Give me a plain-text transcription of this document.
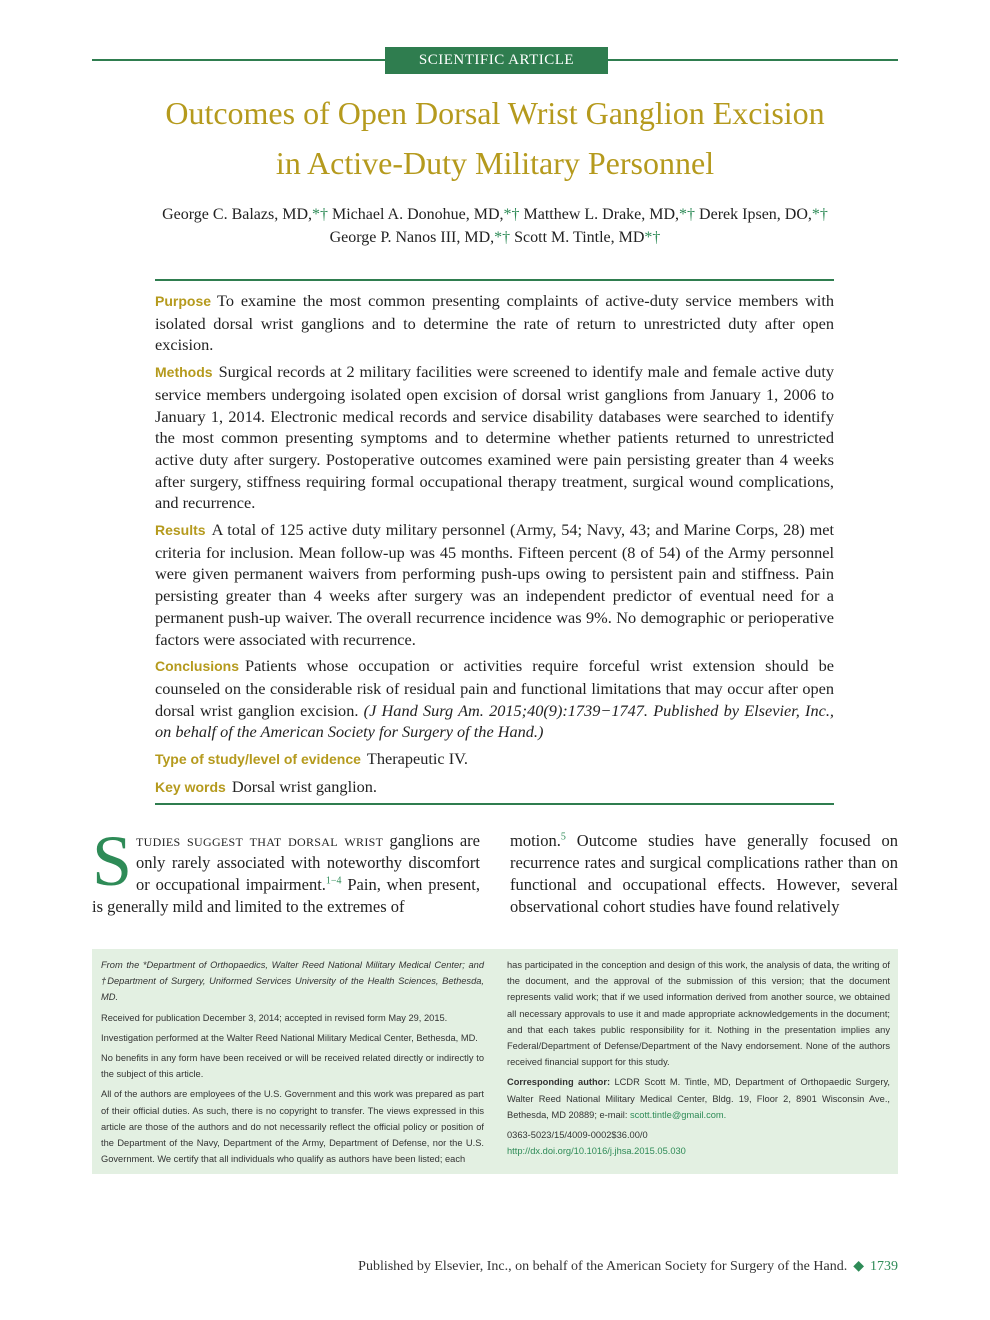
SCIENTIFIC ARTICLE
Outcomes of Open Dorsal Wrist Ganglion Excision
in Active-Duty Military Personnel
George C. Balazs, MD,*† Michael A. Donohue, MD,*† Matthew L. Drake, MD,*† Derek Ipsen, DO,*†
George P. Nanos III, MD,*† Scott M. Tintle, MD*†

Purpose To examine the most common presenting complaints of active-duty service members with isolated dorsal wrist ganglions and to determine the rate of return to unrestricted duty after open excision.

Methods Surgical records at 2 military facilities were screened to identify male and female active duty service members undergoing isolated open excision of dorsal wrist ganglions from January 1, 2006 to January 1, 2014. Electronic medical records and service disability databases were searched to identify the most common presenting symptoms and to determine whether patients returned to unrestricted active duty after surgery. Postoperative outcomes examined were pain persisting greater than 4 weeks after surgery, stiffness requiring formal occupational therapy treatment, surgical wound complications, and recurrence.

Results A total of 125 active duty military personnel (Army, 54; Navy, 43; and Marine Corps, 28) met criteria for inclusion. Mean follow-up was 45 months. Fifteen percent (8 of 54) of the Army personnel were given permanent waivers from performing push-ups owing to persistent pain and stiffness. Pain persisting greater than 4 weeks after surgery was an independent predictor of eventual need for a permanent push-up waiver. The overall recurrence incidence was 9%. No demographic or perioperative factors were associated with recurrence.

Conclusions Patients whose occupation or activities require forceful wrist extension should be counseled on the considerable risk of residual pain and functional limitations that may occur after open dorsal wrist ganglion excision. (J Hand Surg Am. 2015;40(9):1739−1747. Published by Elsevier, Inc., on behalf of the American Society for Surgery of the Hand.)

Type of study/level of evidence Therapeutic IV.

Key words Dorsal wrist ganglion.

Studies suggest that dorsal wrist ganglions are only rarely associated with noteworthy discomfort or occupational impairment.$^{1-4}$ Pain, when present, is generally mild and limited to the extremes of
motion.$^5$ Outcome studies have generally focused on recurrence rates and surgical complications rather than on functional and occupational effects. However, several observational cohort studies have found relatively

From the *Department of Orthopaedics, Walter Reed National Military Medical Center; and †Department of Surgery, Uniformed Services University of the Health Sciences, Bethesda, MD.

Received for publication December 3, 2014; accepted in revised form May 29, 2015.

Investigation performed at the Walter Reed National Military Medical Center, Bethesda, MD.

No benefits in any form have been received or will be received related directly or indirectly to the subject of this article.

All of the authors are employees of the U.S. Government and this work was prepared as part of their official duties. As such, there is no copyright to transfer. The views expressed in this article are those of the authors and do not necessarily reflect the official policy or position of the Department of the Navy, Department of the Army, Department of Defense, nor the U.S. Government. We certify that all individuals who qualify as authors have been listed; each

has participated in the conception and design of this work, the analysis of data, the writing of the document, and the approval of the submission of this version; that the document represents valid work; that if we used information derived from another source, we obtained all necessary approvals to use it and made appropriate acknowledgements in the document; and that each takes public responsibility for it. Nothing in the presentation implies any Federal/Department of Defense/Department of the Navy endorsement. None of the authors received financial support for this study.

Corresponding author: LCDR Scott M. Tintle, MD, Department of Orthopaedic Surgery, Walter Reed National Military Medical Center, Bldg. 19, Floor 2, 8901 Wisconsin Ave., Bethesda, MD 20889; e-mail: scott.tintle@gmail.com.

0363-5023/15/4009-0002$36.00/0

http://dx.doi.org/10.1016/j.jhsa.2015.05.030

Published by Elsevier, Inc., on behalf of the American Society for Surgery of the Hand. ◆ 1739
